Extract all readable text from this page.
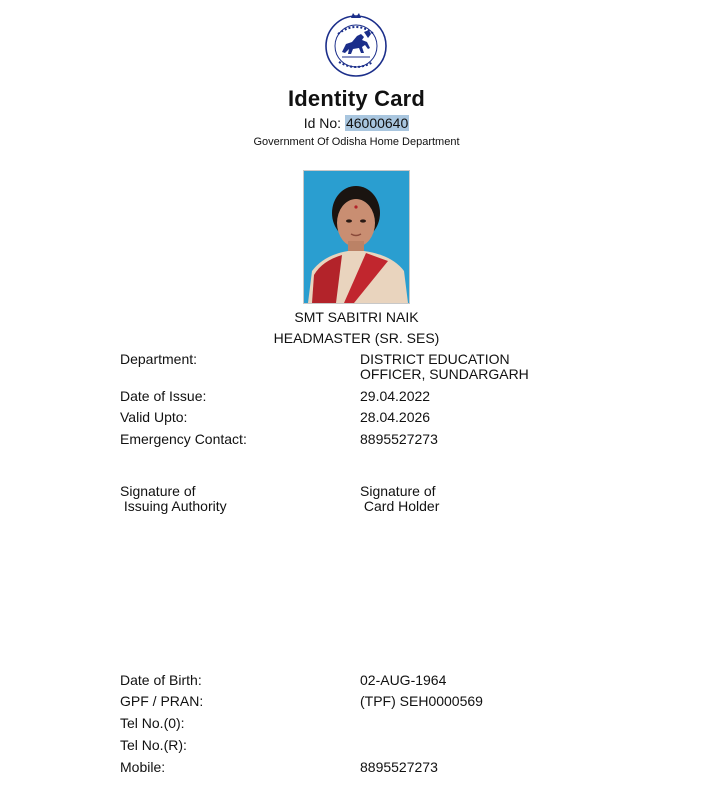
Identity Card
Id No: 46000640
Government Of Odisha Home Department
SMT SABITRI NAIK
HEADMASTER (SR. SES)
Department:	DISTRICT EDUCATION
OFFICER, SUNDARGARH
Date of Issue:	29.04.2022
Valid Upto:	28.04.2026
Emergency Contact:	8895527273
Signature of
Issuing Authority
Signature of
Card Holder
Date of Birth:	02-AUG-1964
GPF / PRAN:	(TPF) SEH0000569
Tel No.(0):
Tel No.(R):
Mobile:	8895527273
